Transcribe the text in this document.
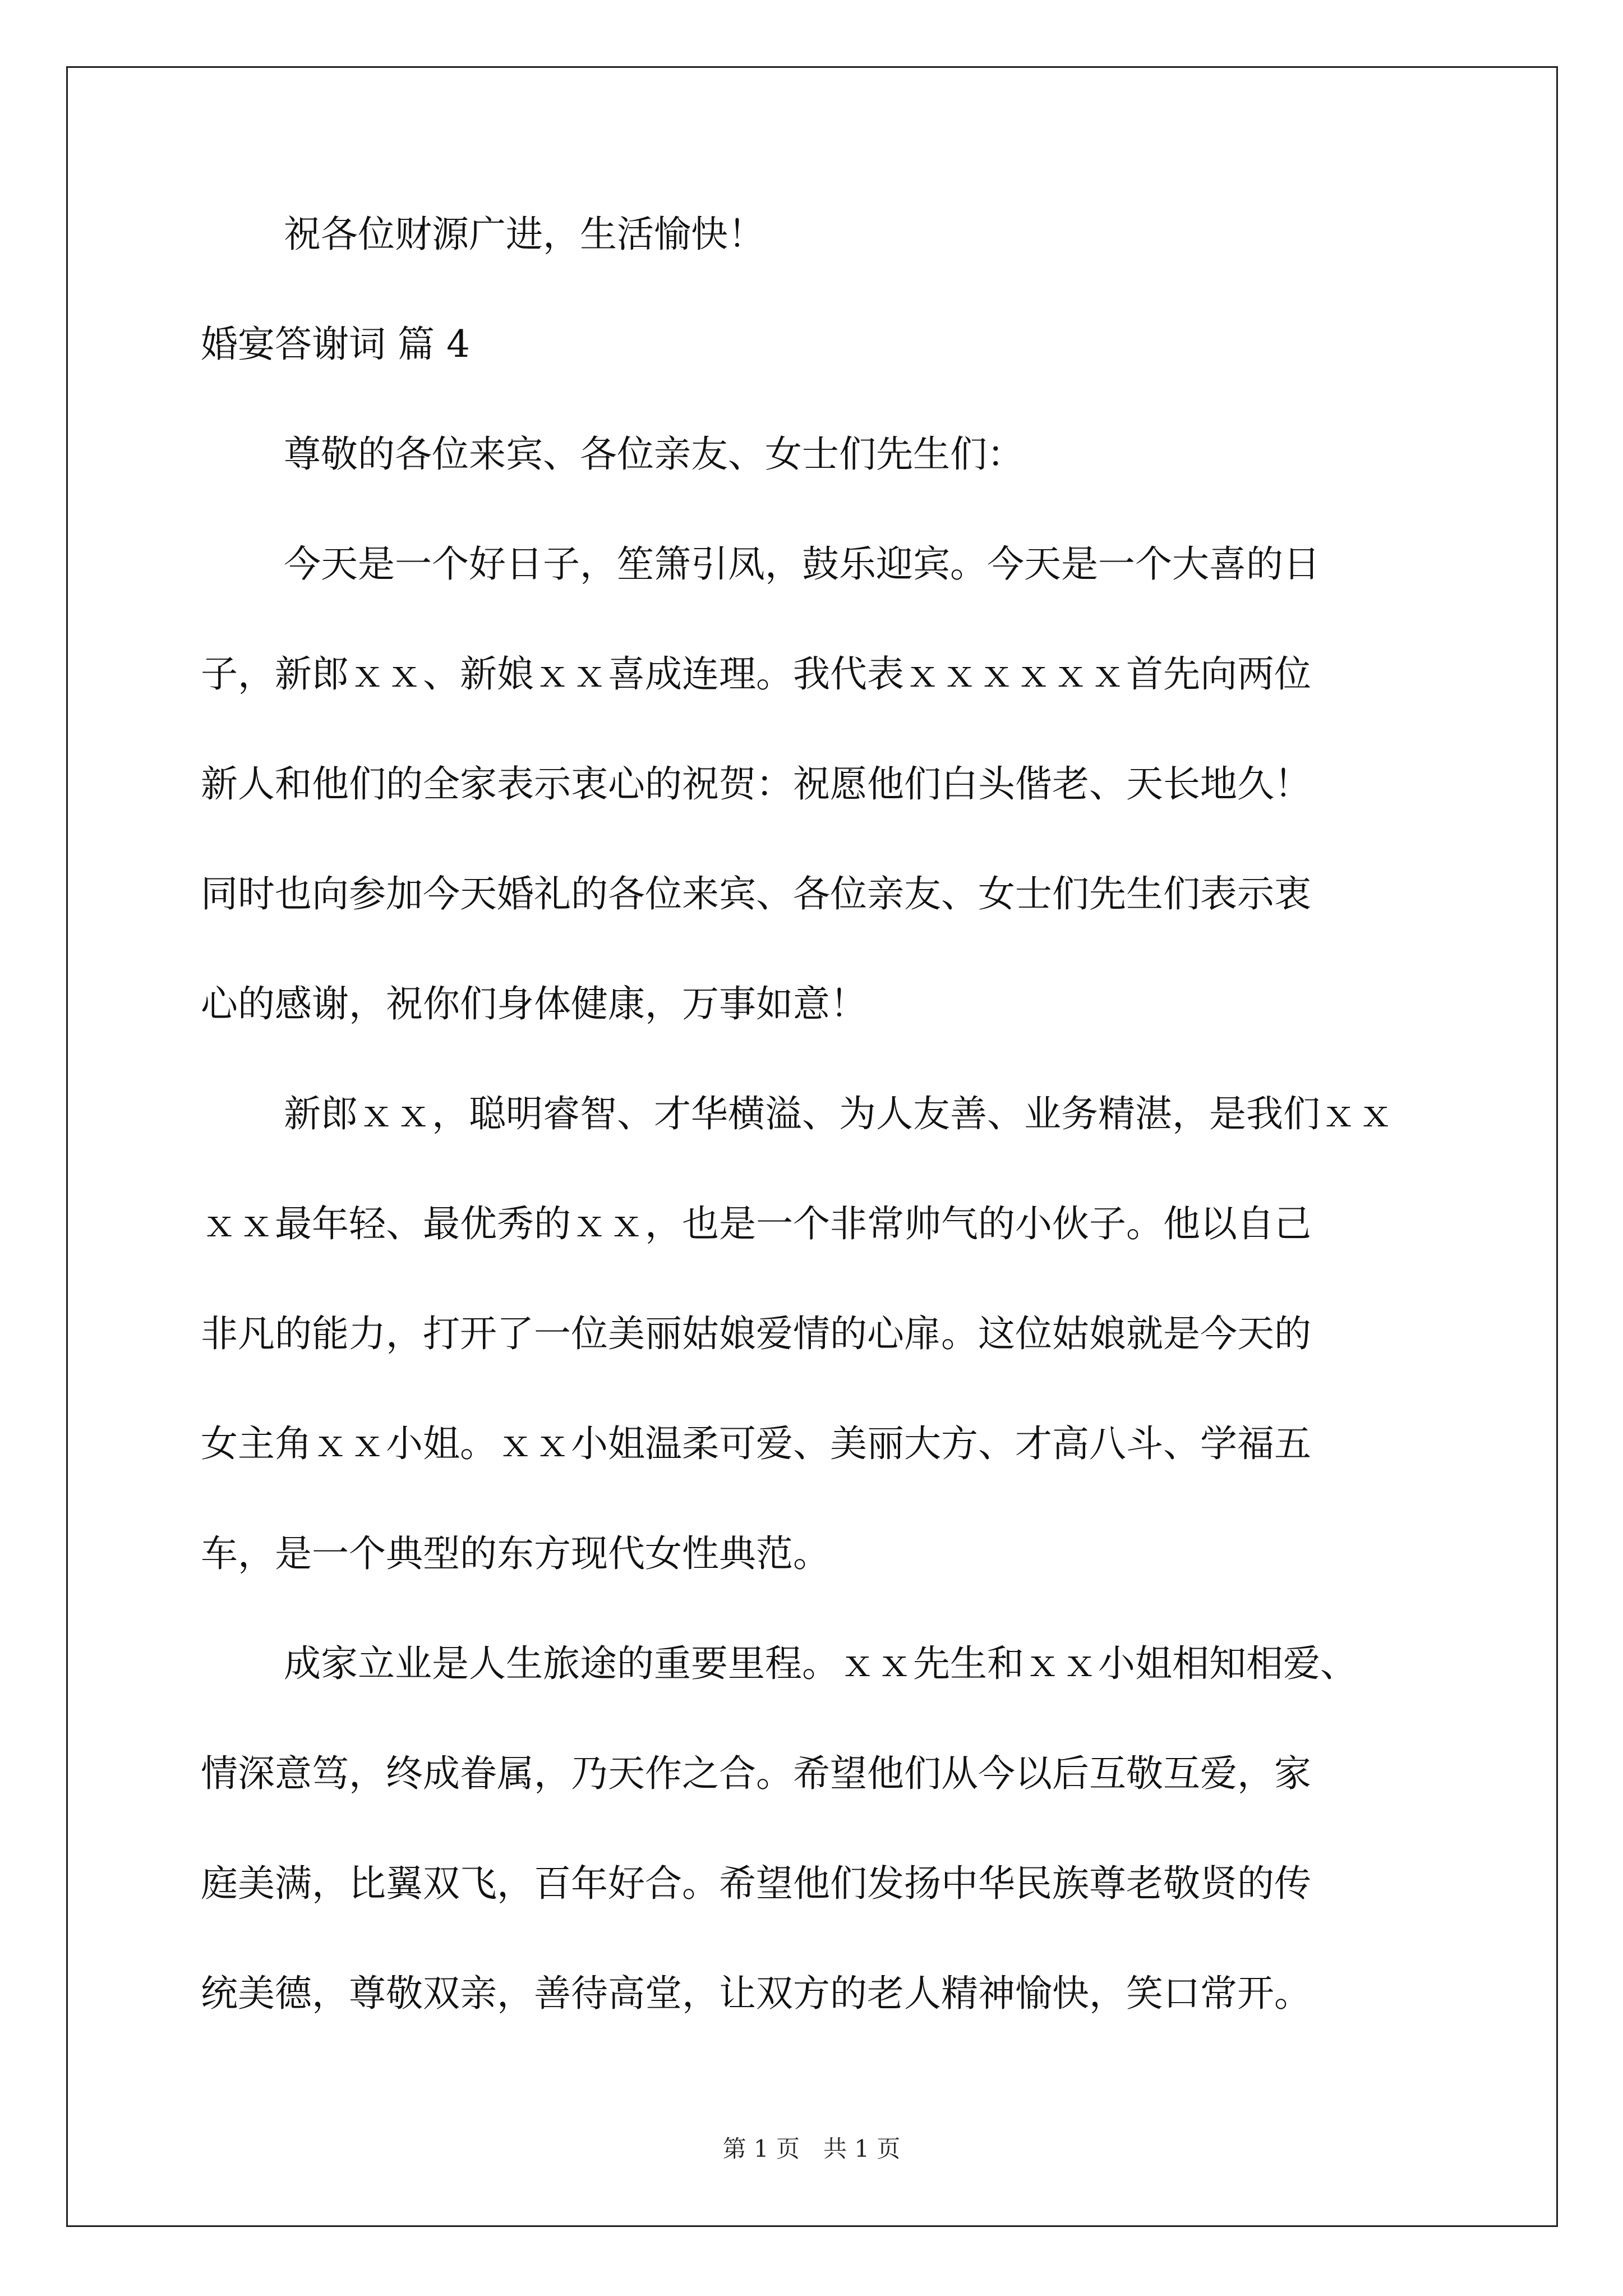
祝各位财源广进，生活愉快！
婚宴答谢词 篇 4
尊敬的各位来宾、各位亲友、女士们先生们：
今天是一个好日子，笙箫引凤，鼓乐迎宾。今天是一个大喜的日
子，新郎ｘｘ、新娘ｘｘ喜成连理。我代表ｘｘｘｘｘｘ首先向两位
新人和他们的全家表示衷心的祝贺：祝愿他们白头偕老、天长地久！
同时也向参加今天婚礼的各位来宾、各位亲友、女士们先生们表示衷
心的感谢，祝你们身体健康，万事如意！
新郎ｘｘ，聪明睿智、才华横溢、为人友善、业务精湛，是我们ｘｘ
ｘｘ最年轻、最优秀的ｘｘ，也是一个非常帅气的小伙子。他以自己
非凡的能力，打开了一位美丽姑娘爱情的心扉。这位姑娘就是今天的
女主角ｘｘ小姐。ｘｘ小姐温柔可爱、美丽大方、才高八斗、学福五
车，是一个典型的东方现代女性典范。
成家立业是人生旅途的重要里程。ｘｘ先生和ｘｘ小姐相知相爱、
情深意笃，终成眷属，乃天作之合。希望他们从今以后互敬互爱，家
庭美满，比翼双飞，百年好合。希望他们发扬中华民族尊老敬贤的传
统美德，尊敬双亲，善待高堂，让双方的老人精神愉快，笑口常开。
第 1 页　共 1 页
